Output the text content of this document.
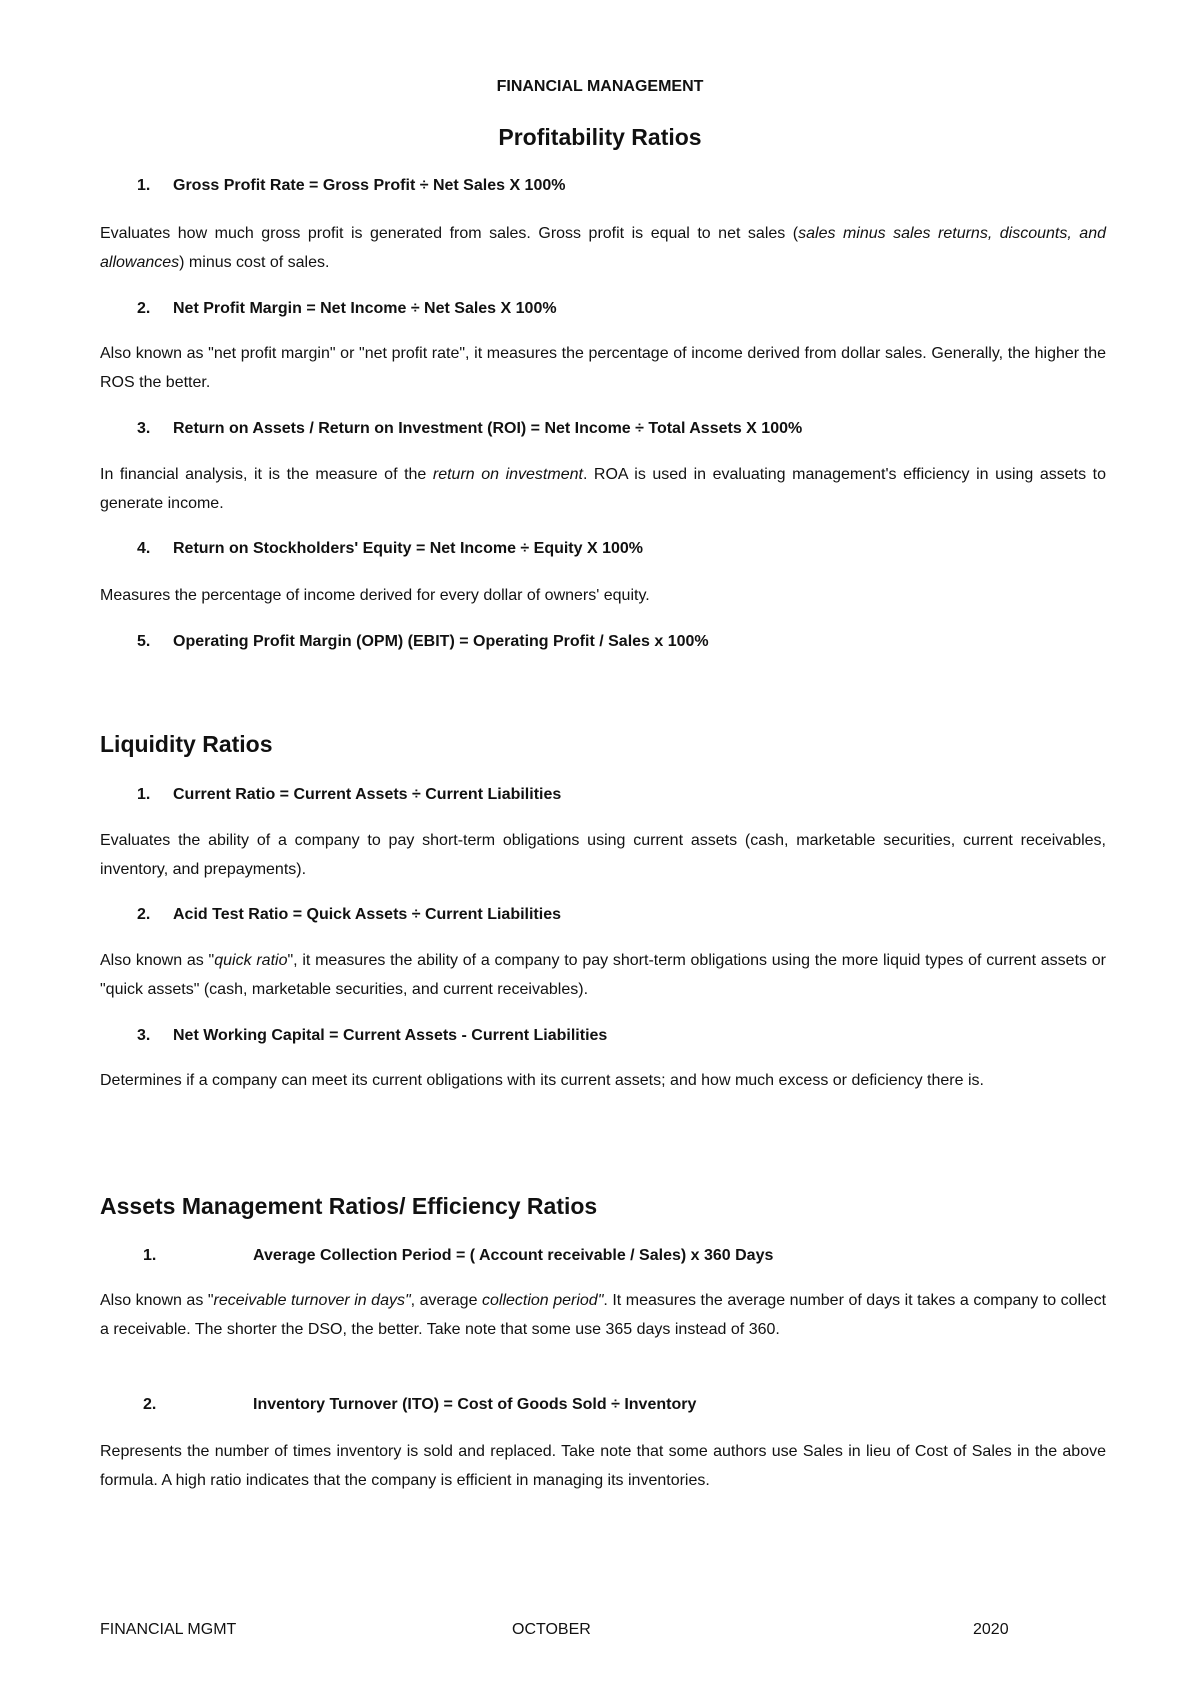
FINANCIAL MANAGEMENT
Profitability Ratios
1. Gross Profit Rate = Gross Profit ÷ Net Sales X 100%
Evaluates how much gross profit is generated from sales. Gross profit is equal to net sales (sales minus sales returns, discounts, and allowances) minus cost of sales.
2. Net Profit Margin = Net Income ÷ Net Sales X 100%
Also known as "net profit margin" or "net profit rate", it measures the percentage of income derived from dollar sales. Generally, the higher the ROS the better.
3. Return on Assets / Return on Investment (ROI) = Net Income ÷ Total Assets X 100%
In financial analysis, it is the measure of the return on investment. ROA is used in evaluating management's efficiency in using assets to generate income.
4. Return on Stockholders' Equity = Net Income ÷ Equity X 100%
Measures the percentage of income derived for every dollar of owners' equity.
5. Operating Profit Margin (OPM) (EBIT) = Operating Profit / Sales x 100%
Liquidity Ratios
1. Current Ratio = Current Assets ÷ Current Liabilities
Evaluates the ability of a company to pay short-term obligations using current assets (cash, marketable securities, current receivables, inventory, and prepayments).
2. Acid Test Ratio = Quick Assets ÷ Current Liabilities
Also known as "quick ratio", it measures the ability of a company to pay short-term obligations using the more liquid types of current assets or "quick assets" (cash, marketable securities, and current receivables).
3. Net Working Capital = Current Assets - Current Liabilities
Determines if a company can meet its current obligations with its current assets; and how much excess or deficiency there is.
Assets Management Ratios/ Efficiency Ratios
1.	Average Collection Period = ( Account receivable / Sales) x 360 Days
Also known as "receivable turnover in days", average collection period". It measures the average number of days it takes a company to collect a receivable. The shorter the DSO, the better. Take note that some use 365 days instead of 360.
2.	Inventory Turnover (ITO) = Cost of Goods Sold ÷ Inventory
Represents the number of times inventory is sold and replaced. Take note that some authors use Sales in lieu of Cost of Sales in the above formula. A high ratio indicates that the company is efficient in managing its inventories.
FINANCIAL MGMT	OCTOBER	2020
